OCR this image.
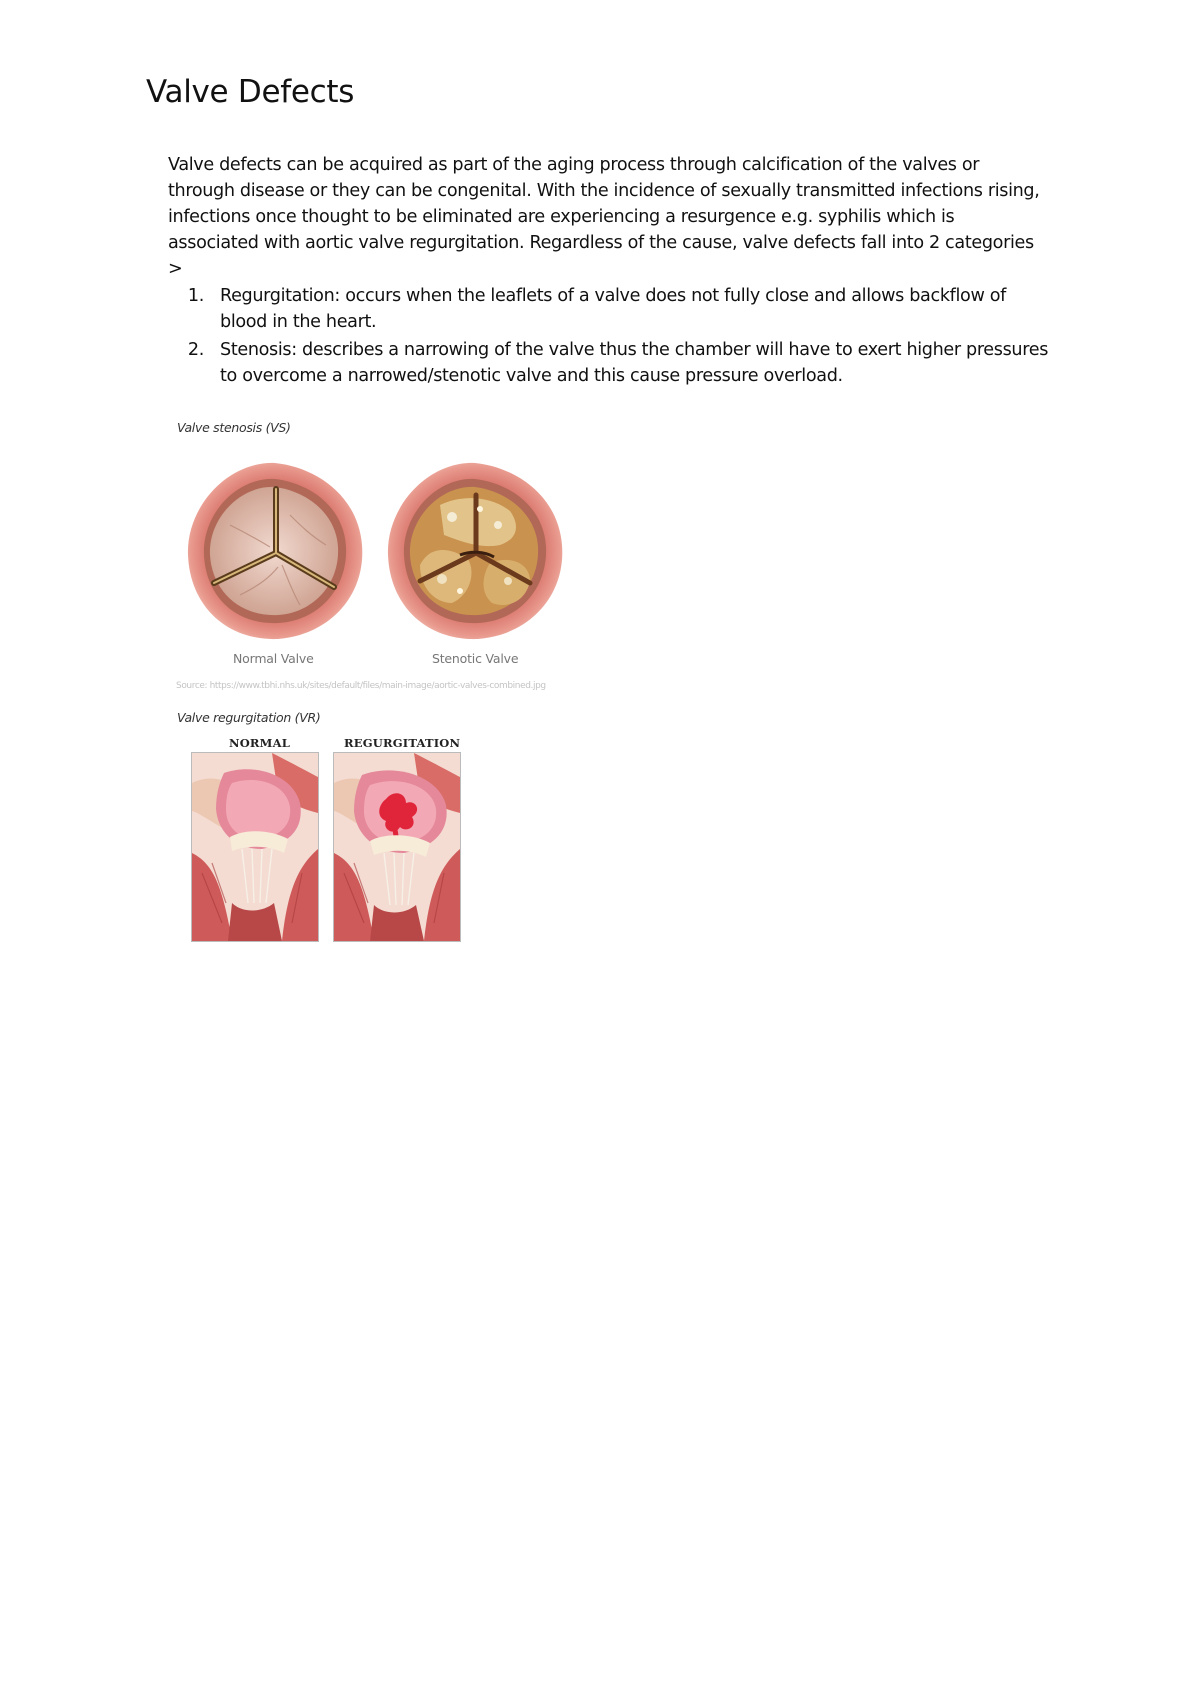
Valve Defects

Valve defects can be acquired as part of the aging process through calcification of the valves or through disease or they can be congenital. With the incidence of sexually transmitted infections rising, infections once thought to be eliminated are experiencing a resurgence e.g. syphilis which is associated with aortic valve regurgitation. Regardless of the cause, valve defects fall into 2 categories >

1. Regurgitation: occurs when the leaflets of a valve does not fully close and allows backflow of blood in the heart.
2. Stenosis: describes a narrowing of the valve thus the chamber will have to exert higher pressures to overcome a narrowed/stenotic valve and this cause pressure overload.
Valve stenosis (VS)
Normal Valve	Stenotic Valve
Source: https://www.tbhi.nhs.uk/sites/default/files/main-image/aortic-valves-combined.jpg
Valve regurgitation (VR)
NORMAL	REGURGITATION
